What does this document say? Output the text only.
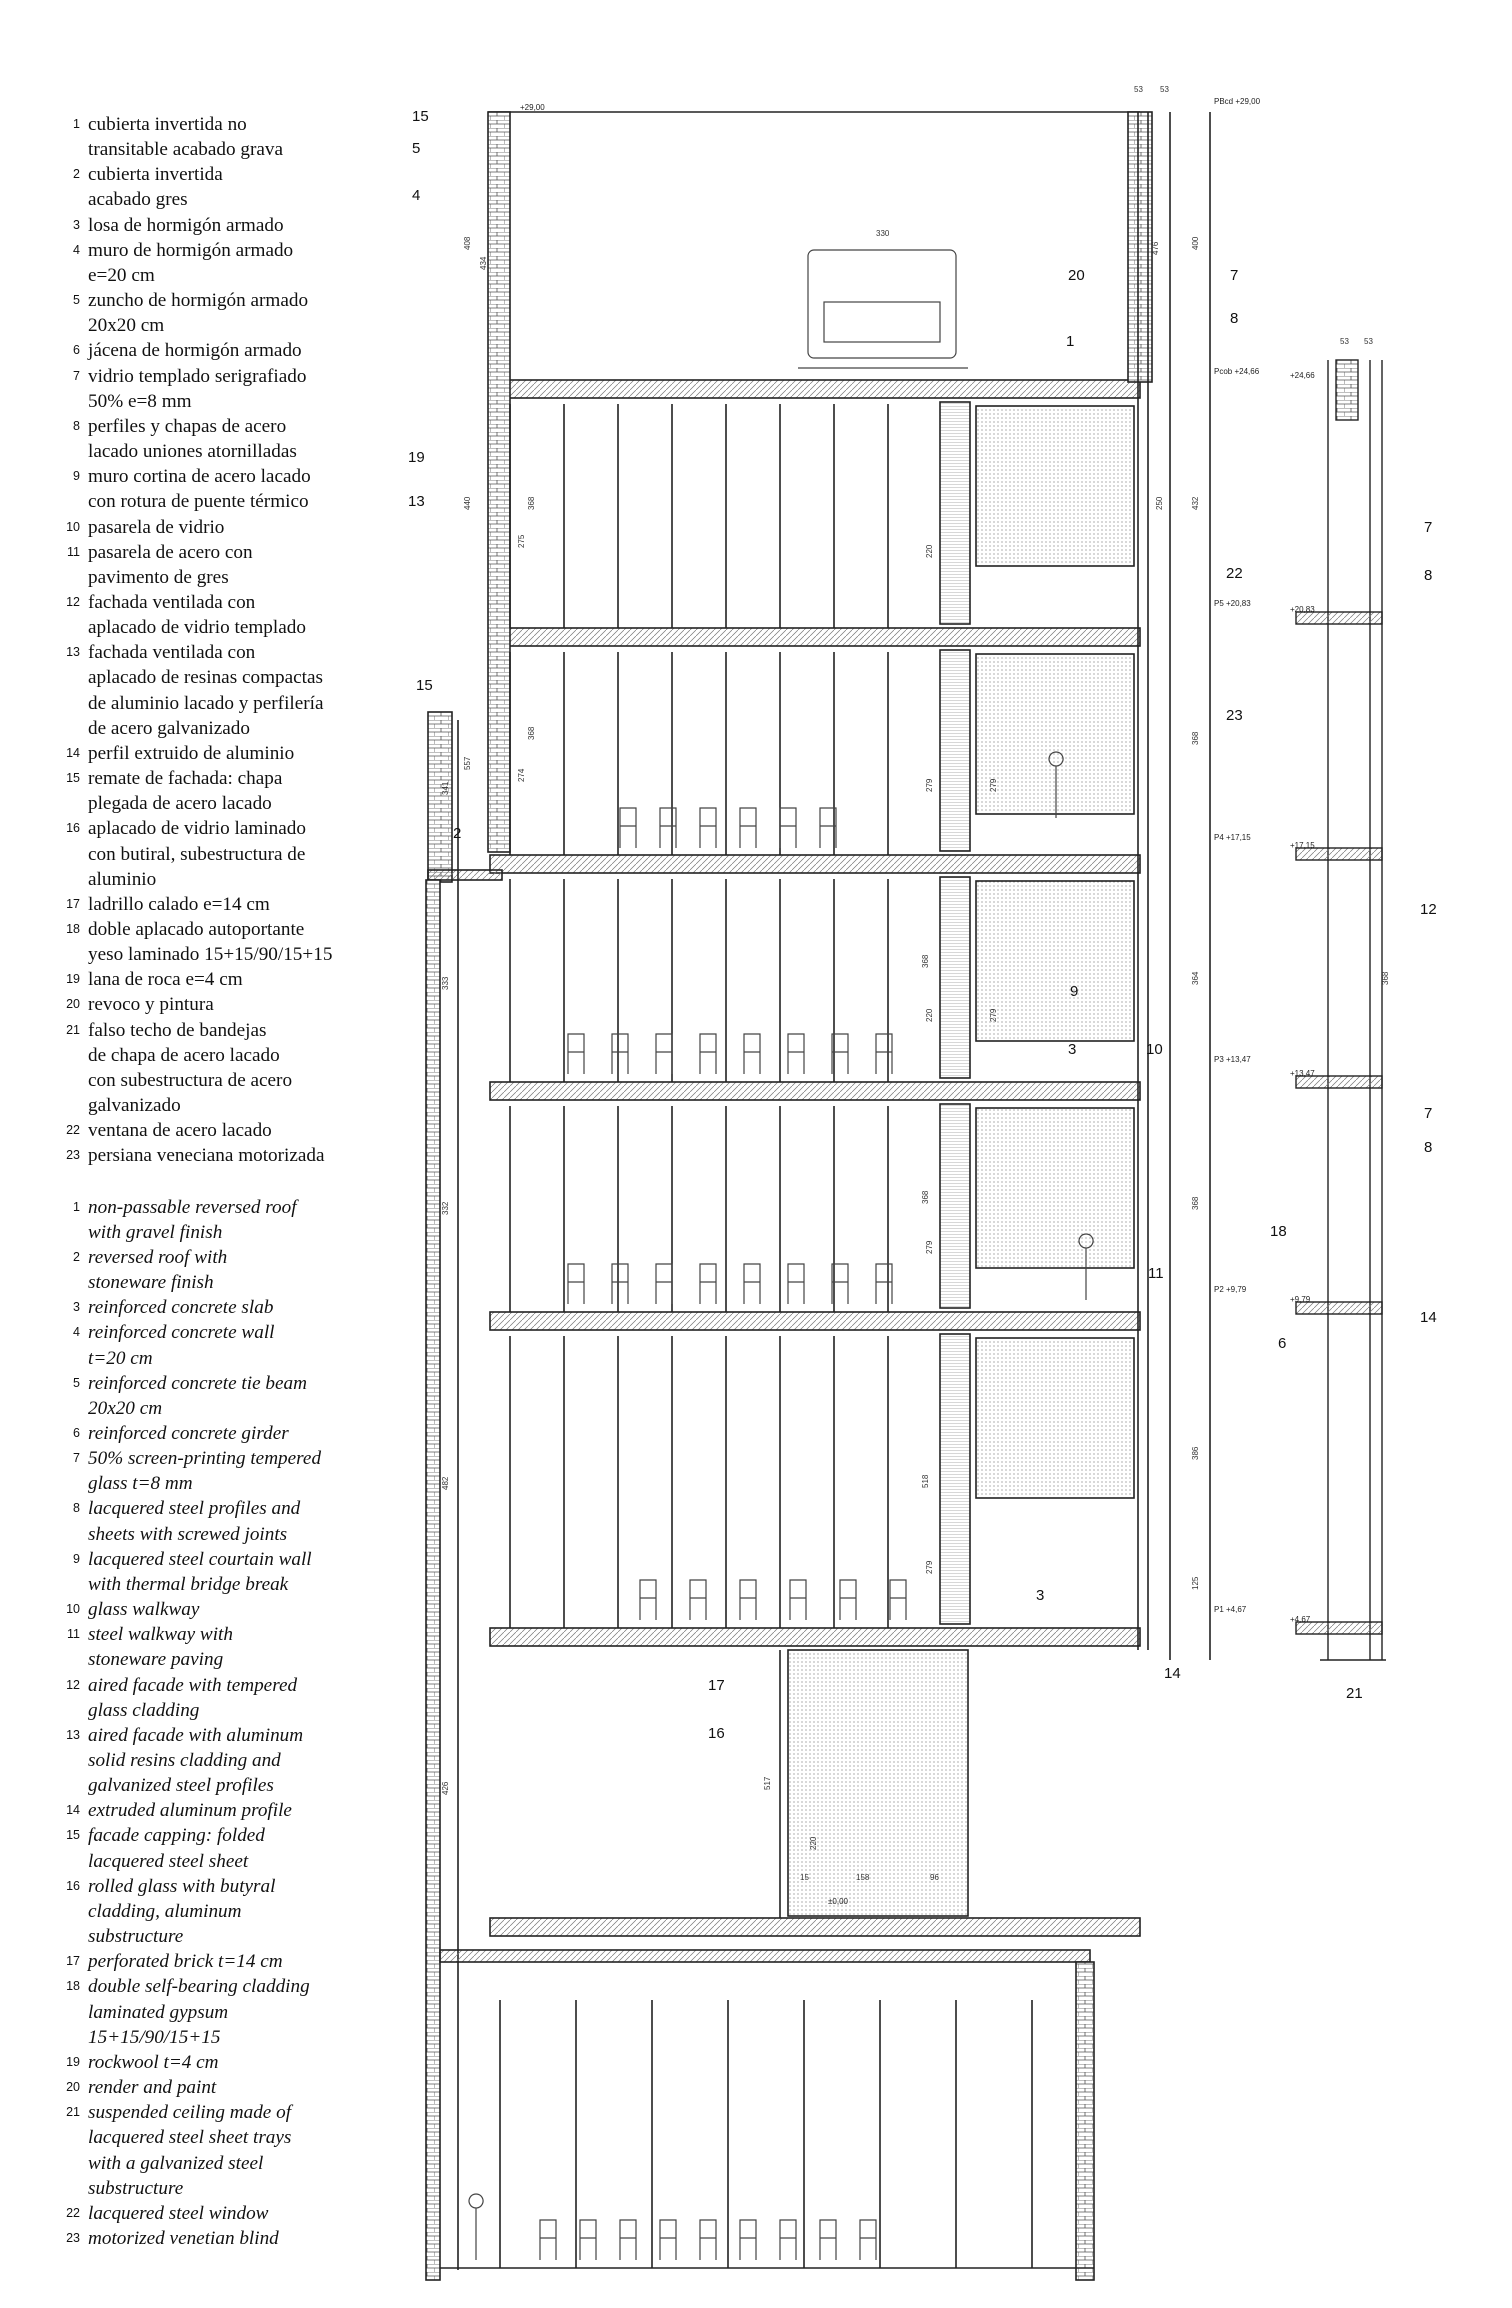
1 cubierta invertida no
transitable acabado grava
2 cubierta invertida
acabado gres
3 losa de hormigón armado
4 muro de hormigón armado
e=20 cm
5 zuncho de hormigón armado
20x20 cm
6 jácena de hormigón armado
7 vidrio templado serigrafiado
50% e=8 mm
8 perfiles y chapas de acero
lacado uniones atornilladas
9 muro cortina de acero lacado
con rotura de puente térmico
10 pasarela de vidrio
11 pasarela de acero con
pavimento de gres
12 fachada ventilada con
aplacado de vidrio templado
13 fachada ventilada con
aplacado de resinas compactas
de aluminio lacado y perfilería
de acero galvanizado
14 perfil extruido de aluminio
15 remate de fachada: chapa
plegada de acero lacado
16 aplacado de vidrio laminado
con butiral, subestructura de
aluminio
17 ladrillo calado e=14 cm
18 doble aplacado autoportante
yeso laminado 15+15/90/15+15
19 lana de roca e=4 cm
20 revoco y pintura
21 falso techo de bandejas
de chapa de acero lacado
con subestructura de acero
galvanizado
22 ventana de acero lacado
23 persiana veneciana motorizada
1 non-passable reversed roof
with gravel finish
2 reversed roof with
stoneware finish
3 reinforced concrete slab
4 reinforced concrete wall
t=20 cm
5 reinforced concrete tie beam
20x20 cm
6 reinforced concrete girder
7 50% screen-printing tempered
glass t=8 mm
8 lacquered steel profiles and
sheets with screwed joints
9 lacquered steel courtain wall
with thermal bridge break
10 glass walkway
11 steel walkway with
stoneware paving
12 aired facade with tempered
glass cladding
13 aired facade with aluminum
solid resins cladding and
galvanized steel profiles
14 extruded aluminum profile
15 facade capping: folded
lacquered steel sheet
16 rolled glass with butyral
cladding, aluminum
substructure
17 perforated brick t=14 cm
18 double self-bearing cladding
laminated gypsum
15+15/90/15+15
19 rockwool t=4 cm
20 render and paint
21 suspended ceiling made of
lacquered steel sheet trays
with a galvanized steel
substructure
22 lacquered steel window
23 motorized venetian blind
15
5
4
19
13
15
2
20	7
8
1
22
23
9
3	10
11
3
14
17
16
PBcd +29,00
+29,00
Pcob +24,66
P5 +20,83
P4 +17,15
P3 +13,47
P2 +9,79
P1 +4,67
±0,00
+24,66
+20,83
+17,15
+13,47
+9,79
+4,67
7
8
12
7
8
18
6
14
21
53 53
330
53 53
15	158	96
408
440
341
557
333
332
482
426
434
275
368
274
368
368
368
518
517
476	400
432
368
364
368
368
386
125
250
220
279	279
279
279
279
220
220
